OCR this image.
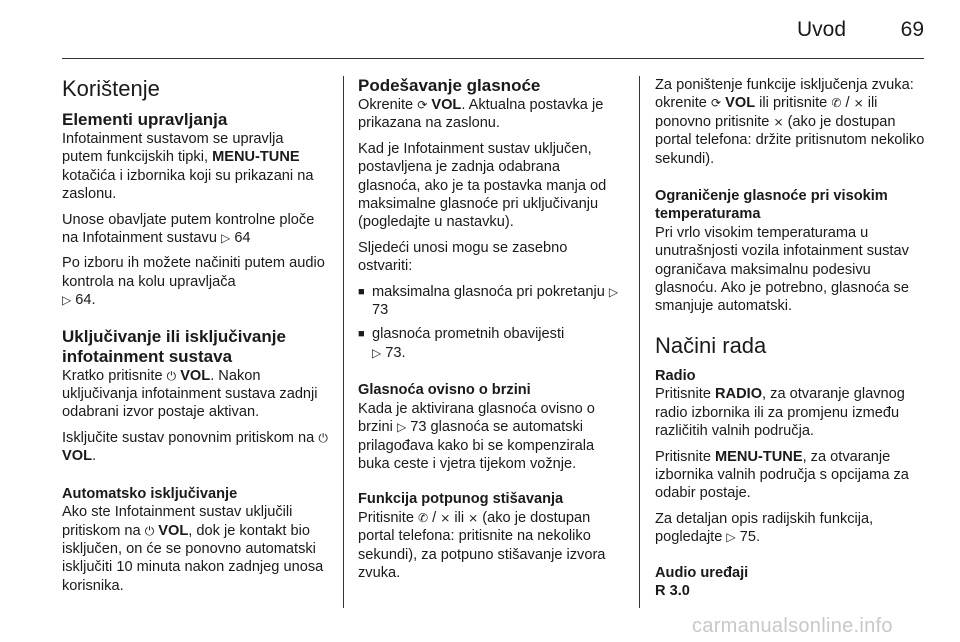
Uvod	69
Korištenje
Elementi upravljanja

Infotainment sustavom se upravlja putem funkcijskih tipki, MENU-TUNE kotačića i izbornika koji su prikazani na zaslonu.

Unose obavljate putem kontrolne ploče na Infotainment sustavu ▷ 64

Po izboru ih možete načiniti putem audio kontrola na kolu upravljača
▷ 64.

Uključivanje ili isključivanje infotainment sustava

Kratko pritisnite ⏻ VOL. Nakon uključivanja infotainment sustava zadnji odabrani izvor postaje aktivan.

Isključite sustav ponovnim pritiskom na ⏻ VOL.

Automatsko isključivanje

Ako ste Infotainment sustav uključili pritiskom na ⏻ VOL, dok je kontakt bio isključen, on će se ponovno automatski isključiti 10 minuta nakon zadnjeg unosa korisnika.

Podešavanje glasnoće

Okrenite ⟳ VOL. Aktualna postavka je prikazana na zaslonu.

Kad je Infotainment sustav uključen, postavljena je zadnja odabrana glasnoća, ako je ta postavka manja od maksimalne glasnoće pri uključivanju (pogledajte u nastavku).

Sljedeći unosi mogu se zasebno ostvariti:

■ maksimalna glasnoća pri pokretanju ▷ 73
■ glasnoća prometnih obavijesti
▷ 73.
Glasnoća ovisno o brzini

Kada je aktivirana glasnoća ovisno o brzini ▷ 73 glasnoća se automatski prilagođava kako bi se kompenzirala buka ceste i vjetra tijekom vožnje.

Funkcija potpunog stišavanja

Pritisnite ✆ / ⨯ ili ⨯ (ako je dostupan portal telefona: pritisnite na nekoliko sekundi), za potpuno stišavanje izvora zvuka.

Za poništenje funkcije isključenja zvuka: okrenite ⟳ VOL ili pritisnite ✆ / ⨯ ili ponovno pritisnite ⨯ (ako je dostupan portal telefona: držite pritisnutom nekoliko sekundi).

Ograničenje glasnoće pri visokim temperaturama

Pri vrlo visokim temperaturama u unutrašnjosti vozila infotainment sustav ograničava maksimalnu podesivu glasnoću. Ako je potrebno, glasnoća se smanjuje automatski.

Načini rada
Radio

Pritisnite RADIO, za otvaranje glavnog radio izbornika ili za promjenu između različitih valnih područja.

Pritisnite MENU-TUNE, za otvaranje izbornika valnih područja s opcijama za odabir postaje.

Za detaljan opis radijskih funkcija, pogledajte ▷ 75.

Audio uređaji
R 3.0
carmanualsonline.info
